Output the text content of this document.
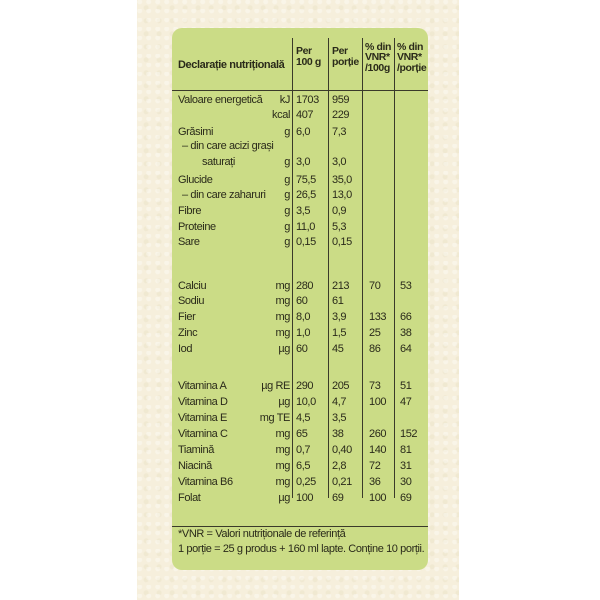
Declarație nutrițională
Per
100 g
Per
porție
% din
VNR*
/100g
% din
VNR*
/porție
Valoare energetică kJ 1703 959
kcal 407 229
Grăsimi	g 6,0 7,3
– din care acizi grași
saturați	g 3,0 3,0
Glucide	g 75,5 35,0
– din care zaharuri g 26,5 13,0
Fibre	g 3,5 0,9
Proteine	g 11,0 5,3
Sare	g 0,15 0,15
Calciu	mg 280 213 70 53
Sodiu	mg 60 61
Fier	mg 8,0 3,9 133 66
Zinc	mg 1,0 1,5 25 38
Iod	µg 60 45 86 64
Vitamina A	µg RE 290 205 73 51
Vitamina D	µg 10,0 4,7 100 47
Vitamina E	mg TE 4,5 3,5
Vitamina C	mg 65 38 260 152
Tiamină	mg 0,7 0,40 140 81
Niacină	mg 6,5 2,8 72 31
Vitamina B6	mg 0,25 0,21 36 30
Folat	µg 100 69 100 69
*VNR = Valori nutriționale de referință
1 porție = 25 g produs + 160 ml lapte. Conține 10 porții.
